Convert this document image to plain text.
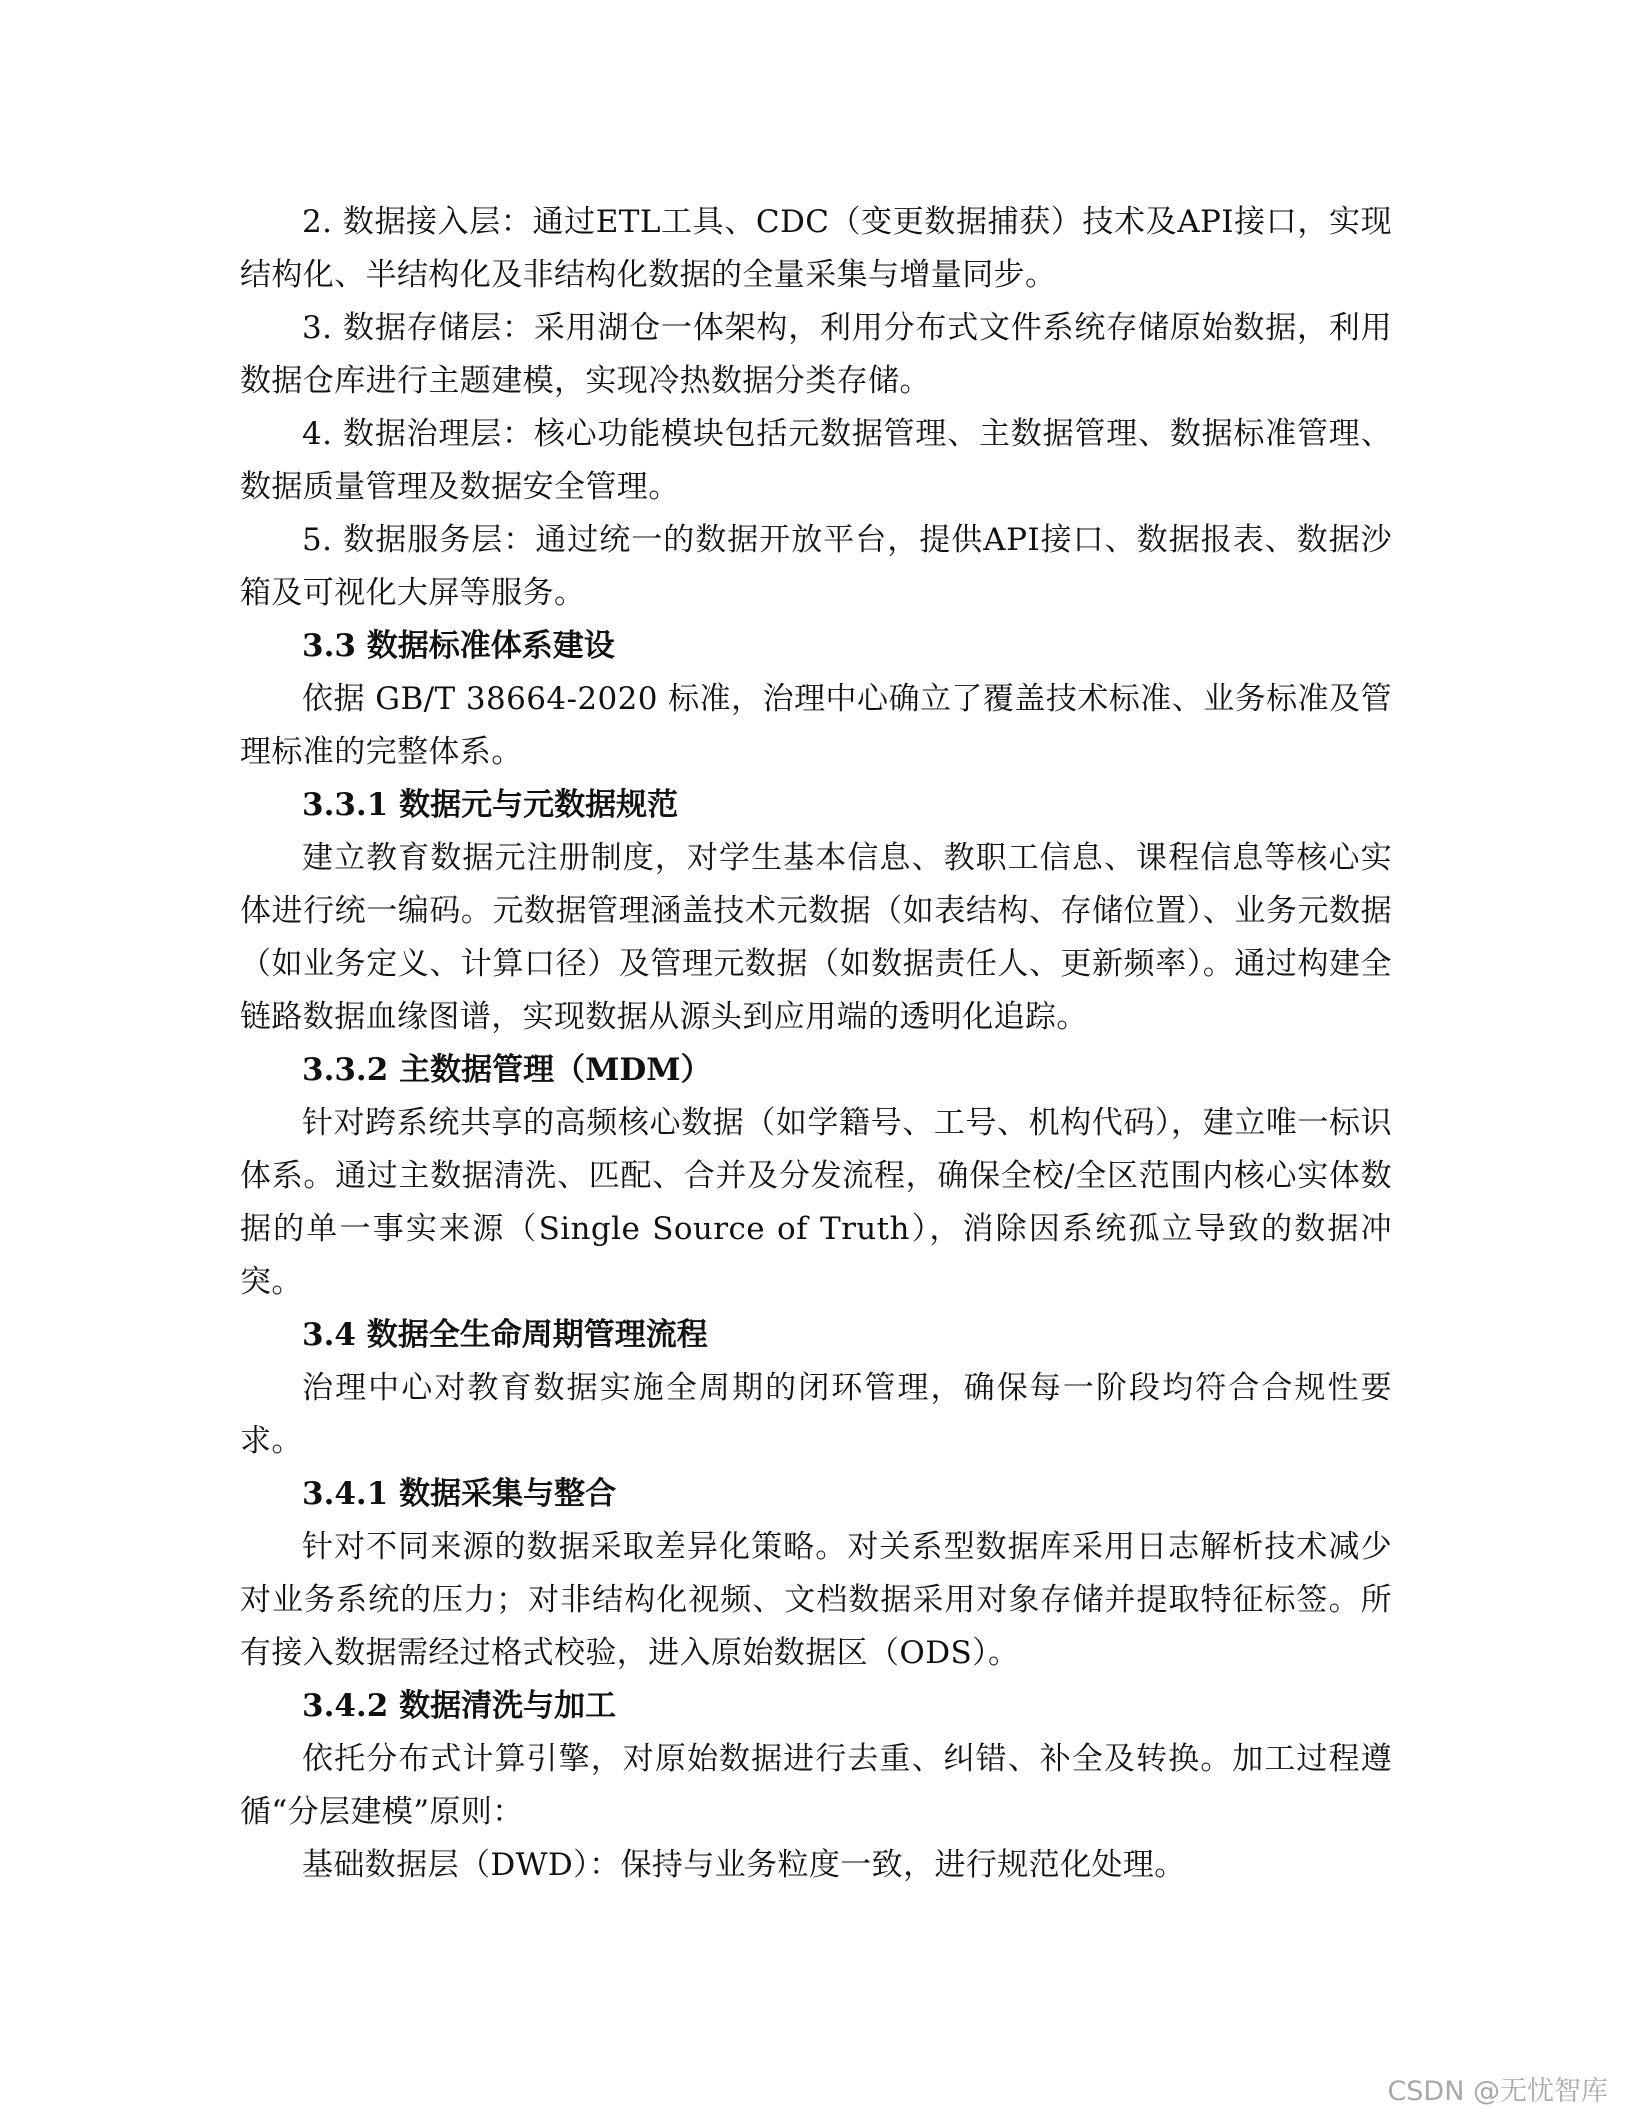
2. 数据接入层：通过ETL工具、CDC（变更数据捕获）技术及API接口，实现结构化、半结构化及非结构化数据的全量采集与增量同步。

3. 数据存储层：采用湖仓一体架构，利用分布式文件系统存储原始数据，利用数据仓库进行主题建模，实现冷热数据分类存储。

4. 数据治理层：核心功能模块包括元数据管理、主数据管理、数据标准管理、数据质量管理及数据安全管理。

5. 数据服务层：通过统一的数据开放平台，提供API接口、数据报表、数据沙箱及可视化大屏等服务。

3.3 数据标准体系建设

依据 GB/T 38664-2020 标准，治理中心确立了覆盖技术标准、业务标准及管理标准的完整体系。

3.3.1 数据元与元数据规范

建立教育数据元注册制度，对学生基本信息、教职工信息、课程信息等核心实体进行统一编码。元数据管理涵盖技术元数据（如表结构、存储位置）、业务元数据（如业务定义、计算口径）及管理元数据（如数据责任人、更新频率）。通过构建全链路数据血缘图谱，实现数据从源头到应用端的透明化追踪。

3.3.2 主数据管理（MDM）

针对跨系统共享的高频核心数据（如学籍号、工号、机构代码），建立唯一标识体系。通过主数据清洗、匹配、合并及分发流程，确保全校/全区范围内核心实体数据的单一事实来源（Single Source of Truth），消除因系统孤立导致的数据冲突。

3.4 数据全生命周期管理流程

治理中心对教育数据实施全周期的闭环管理，确保每一阶段均符合合规性要求。

3.4.1 数据采集与整合

针对不同来源的数据采取差异化策略。对关系型数据库采用日志解析技术减少对业务系统的压力；对非结构化视频、文档数据采用对象存储并提取特征标签。所有接入数据需经过格式校验，进入原始数据区（ODS）。

3.4.2 数据清洗与加工

依托分布式计算引擎，对原始数据进行去重、纠错、补全及转换。加工过程遵循“分层建模”原则：

基础数据层（DWD）：保持与业务粒度一致，进行规范化处理。

CSDN @无忧智库
